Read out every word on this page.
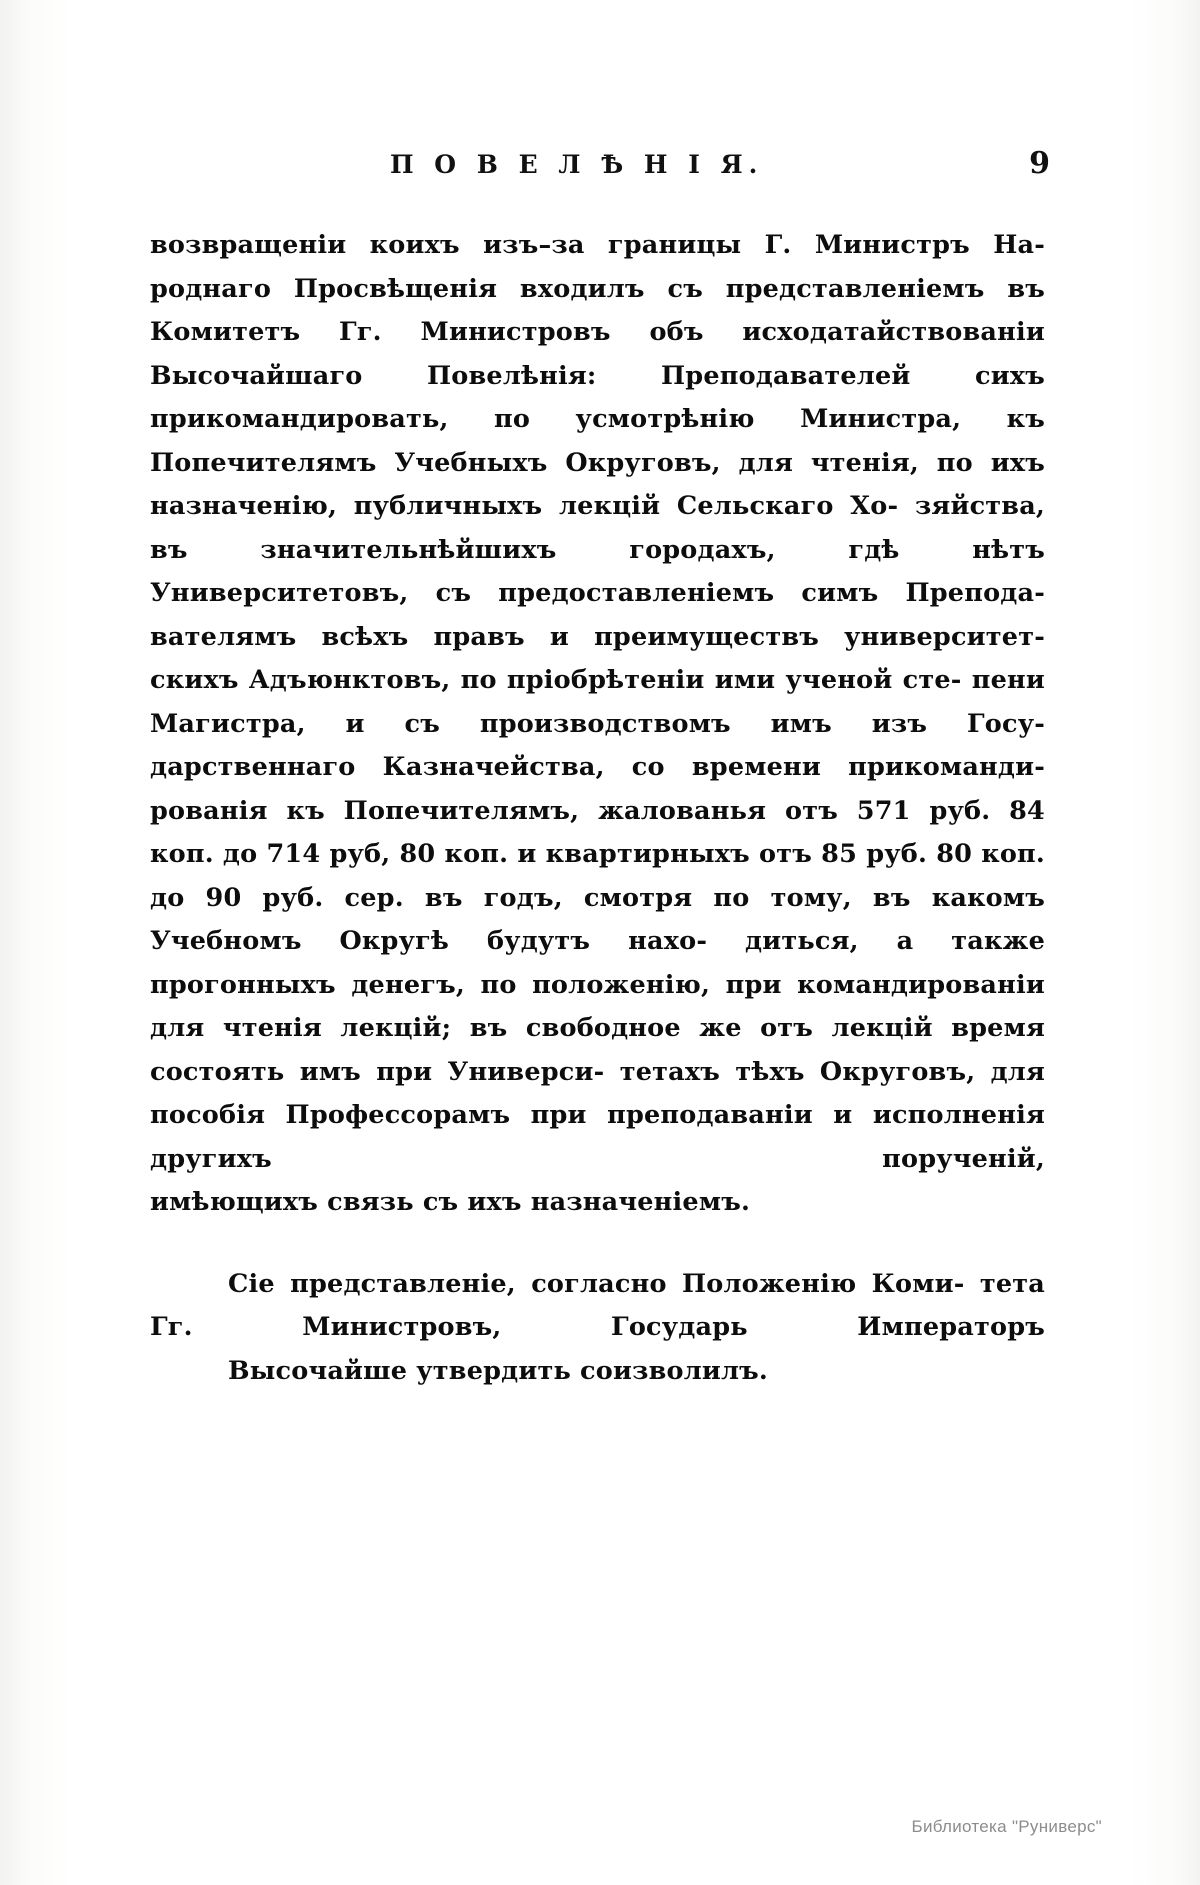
П О В Е Л Ѣ Н І Я.	9

возвращенiи коихъ изъ–за границы Г. Министръ На- роднаго Просвѣщенiя входилъ съ представленiемъ въ Комитетъ Гг. Министровъ объ исходатайствованiи Высочайшаго Повелѣнiя: Преподавателей сихъ прикомандировать, по усмотрѣнiю Министра, къ Попечителямъ Учебныхъ Округовъ, для чтенiя, по ихъ назначенiю, публичныхъ лекцiй Сельскаго Хо- зяйства, въ значительнѣйшихъ городахъ, гдѣ нѣтъ Университетовъ, съ предоставленiемъ симъ Препода- вателямъ всѣхъ правъ и преимуществъ университет- скихъ Адъюнктовъ, по прiобрѣтенiи ими ученой сте- пени Магистра, и съ производствомъ имъ изъ Госу- дарственнаго Казначейства, со времени прикоманди- рованiя къ Попечителямъ, жалованья отъ 571 руб. 84 коп. до 714 руб, 80 коп. и квартирныхъ отъ 85 руб. 80 коп. до 90 руб. сер. въ годъ, смотря по тому, въ какомъ Учебномъ Округѣ будутъ нахо- диться, а также прогонныхъ денегъ, по положенiю, при командированiи для чтенiя лекцiй; въ свободное же отъ лекцiй время состоять имъ при Универси- тетахъ тѣхъ Округовъ, для пособiя Профессорамъ при преподаванiи и исполненiя другихъ порученiй,
имѣющихъ связь съ ихъ назначенiемъ.

Сiе представленiе, согласно Положенiю Коми- тета Гг. Министровъ, Государь Императоръ
Высочайше утвердить соизволилъ.

Библиотека "Руниверс"
